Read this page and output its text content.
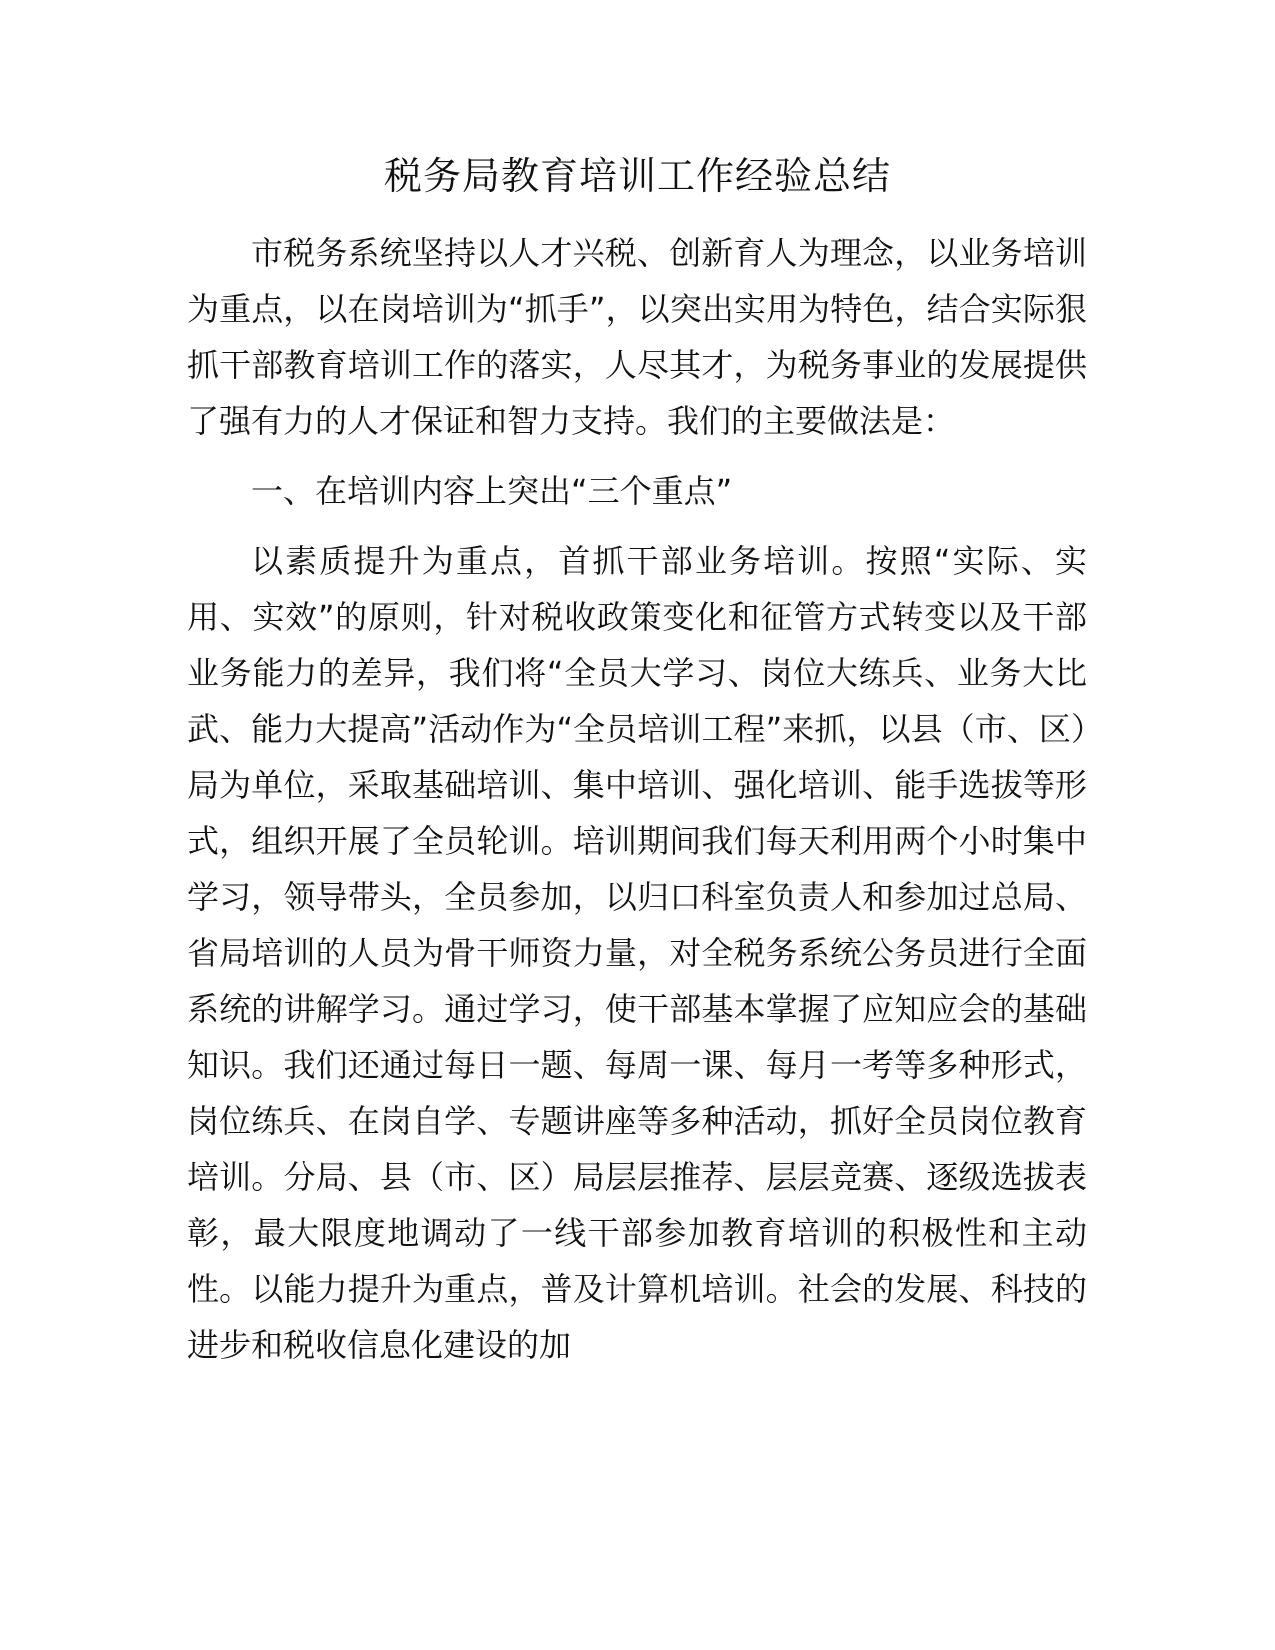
税务局教育培训工作经验总结

市税务系统坚持以人才兴税、创新育人为理念，以业务培训为重点，以在岗培训为“抓手”，以突出实用为特色，结合实际狠抓干部教育培训工作的落实，人尽其才，为税务事业的发展提供了强有力的人才保证和智力支持。我们的主要做法是：

一、在培训内容上突出“三个重点”

以素质提升为重点，首抓干部业务培训。按照“实际、实用、实效”的原则，针对税收政策变化和征管方式转变以及干部业务能力的差异，我们将“全员大学习、岗位大练兵、业务大比武、能力大提高”活动作为“全员培训工程”来抓，以县（市、区）局为单位，采取基础培训、集中培训、强化培训、能手选拔等形式，组织开展了全员轮训。培训期间我们每天利用两个小时集中学习，领导带头，全员参加，以归口科室负责人和参加过总局、省局培训的人员为骨干师资力量，对全税务系统公务员进行全面系统的讲解学习。通过学习，使干部基本掌握了应知应会的基础知识。我们还通过每日一题、每周一课、每月一考等多种形式，岗位练兵、在岗自学、专题讲座等多种活动，抓好全员岗位教育培训。分局、县（市、区）局层层推荐、层层竞赛、逐级选拔表彰，最大限度地调动了一线干部参加教育培训的积极性和主动性。以能力提升为重点，普及计算机培训。社会的发展、科技的进步和税收信息化建设的加
